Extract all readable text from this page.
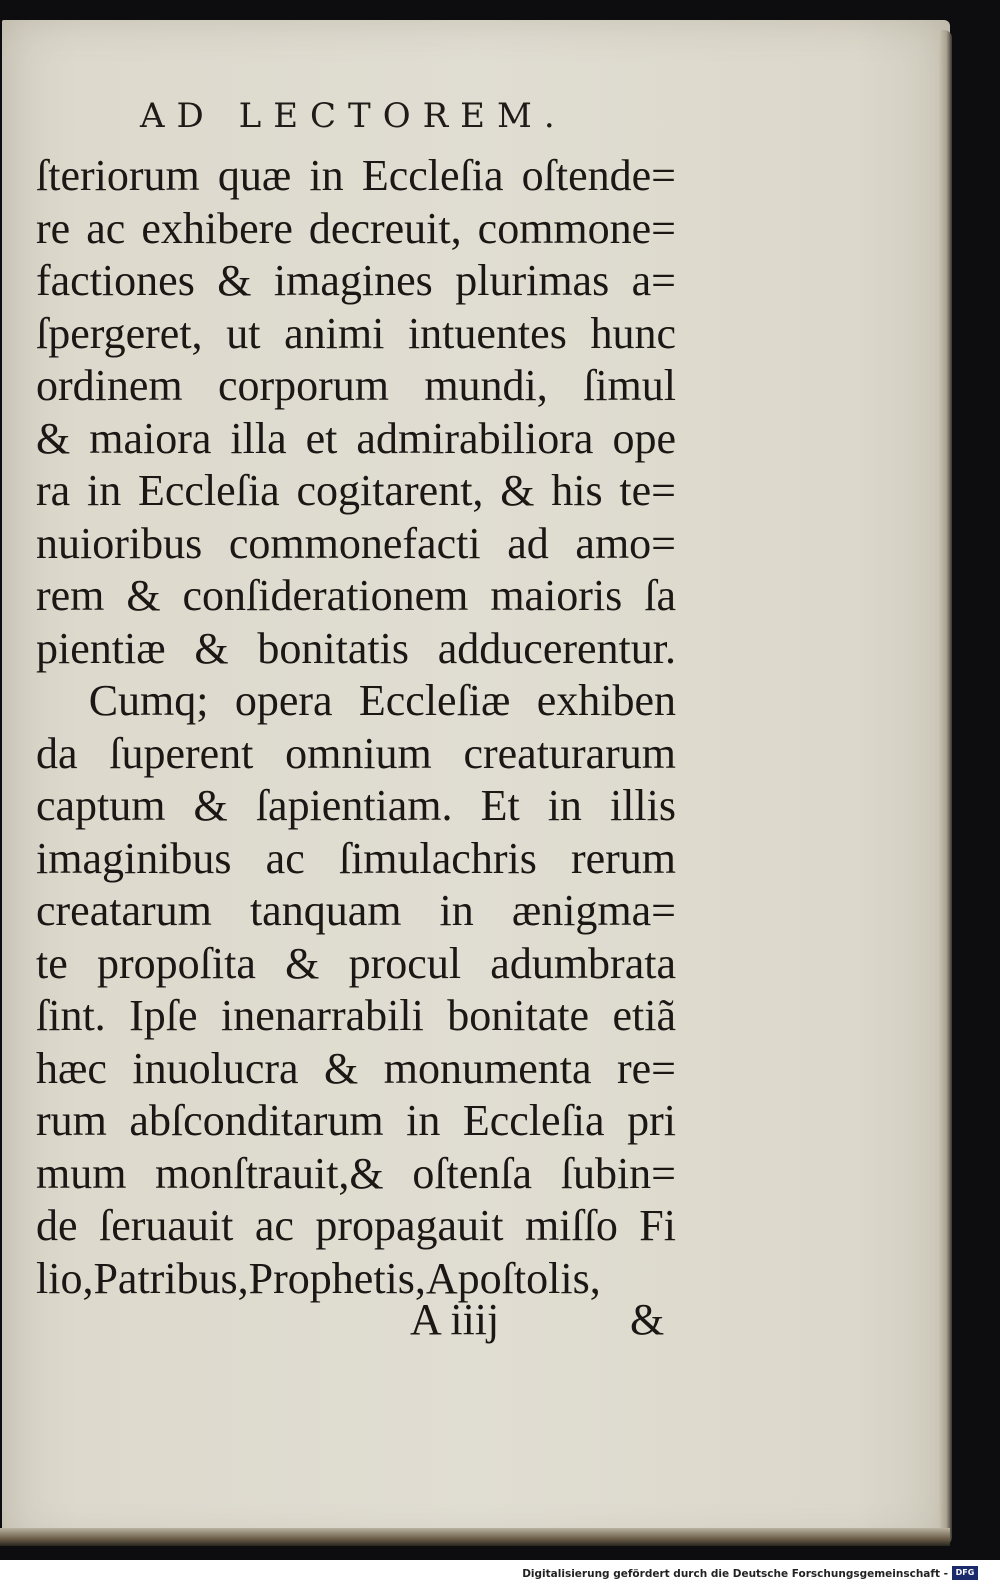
AD LECTOREM.
ſteriorum quæ in Eccleſia oſtende=
re ac exhibere decreuit, commone=
factiones & imagines plurimas a=
ſpergeret, ut animi intuentes hunc
ordinem corporum mundi, ſimul
& maiora illa et admirabiliora ope
ra in Eccleſia cogitarent, & his te=
nuioribus commonefacti ad amo=
rem & conſiderationem maioris ſa
pientiæ & bonitatis adducerentur.
Cumq; opera Eccleſiæ exhiben
da ſuperent omnium creaturarum
captum & ſapientiam. Et in illis
imaginibus ac ſimulachris rerum
creatarum tanquam in ænigma=
te propoſita & procul adumbrata
ſint. Ipſe inenarrabili bonitate etiã
hæc inuolucra & monumenta re=
rum abſconditarum in Eccleſia pri
mum monſtrauit,& oſtenſa ſubin=
de ſeruauit ac propagauit miſſo Fi
lio,Patribus,Prophetis,Apoſtolis,
A iiij	&
Digitalisierung gefördert durch die Deutsche Forschungsgemeinschaft - DFG
